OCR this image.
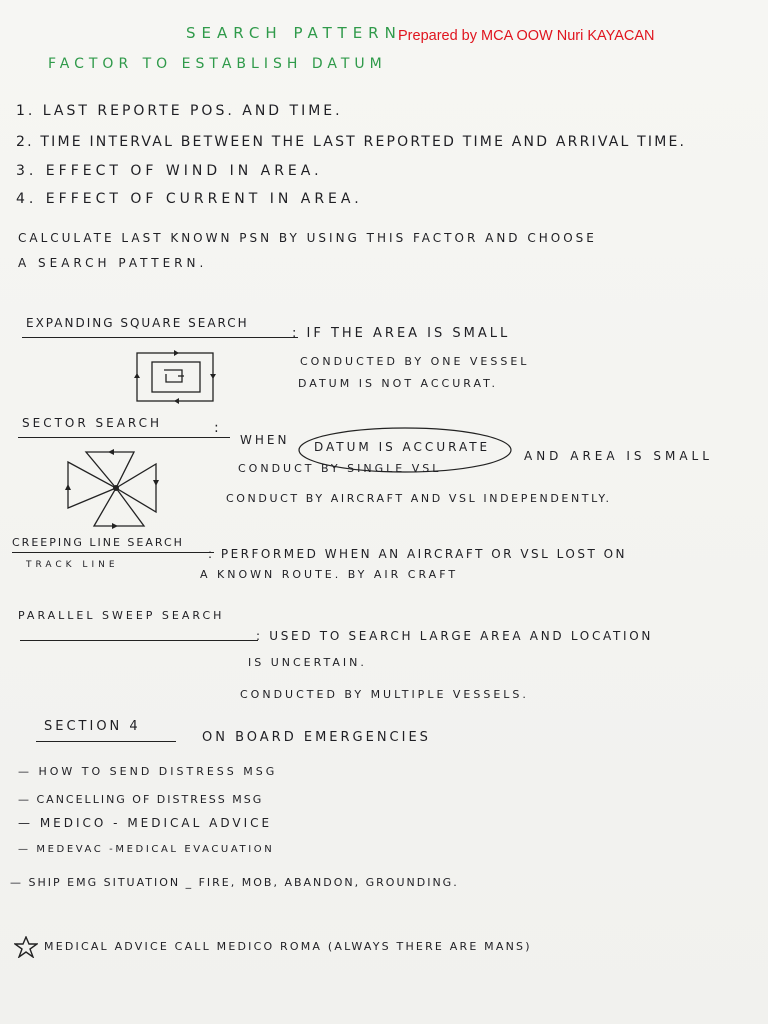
SEARCH PATTERN
Prepared by MCA OOW Nuri KAYACAN
FACTOR TO ESTABLISH DATUM
1. LAST REPORTE POS. AND TIME.
2. TIME INTERVAL BETWEEN THE LAST REPORTED TIME AND ARRIVAL TIME.
3. EFFECT OF WIND IN AREA.
4. EFFECT OF CURRENT IN AREA.
CALCULATE LAST KNOWN PSN BY USING THIS FACTOR AND CHOOSE
A SEARCH PATTERN.
EXPANDING SQUARE SEARCH
: IF THE AREA IS SMALL
CONDUCTED BY ONE VESSEL
DATUM IS NOT ACCURAT.
SECTOR SEARCH	:
WHEN DATUM IS ACCURATE
AND AREA IS SMALL
CONDUCT BY SINGLE VSL
CONDUCT BY AIRCRAFT AND VSL INDEPENDENTLY.
CREEPING LINE SEARCH
TRACK LINE
: PERFORMED WHEN AN AIRCRAFT OR VSL LOST ON
A KNOWN ROUTE. BY AIR CRAFT
PARALLEL SWEEP SEARCH
: USED TO SEARCH LARGE AREA AND LOCATION
IS UNCERTAIN.
CONDUCTED BY MULTIPLE VESSELS.
SECTION 4
ON BOARD EMERGENCIES
— HOW TO SEND DISTRESS MSG
— CANCELLING OF DISTRESS MSG
— MEDICO - MEDICAL ADVICE
— MEDEVAC -MEDICAL EVACUATION
— SHIP EMG SITUATION _ FIRE, MOB, ABANDON, GROUNDING.
MEDICAL ADVICE CALL MEDICO ROMA (ALWAYS THERE ARE MANS)
